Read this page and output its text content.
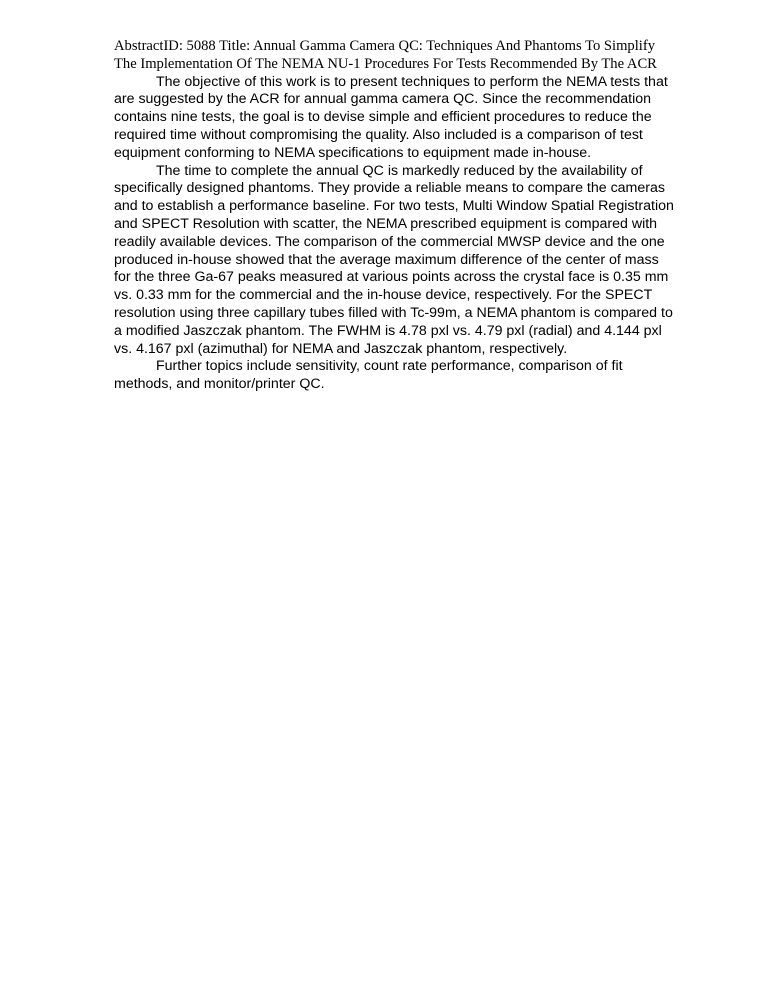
AbstractID: 5088 Title: Annual Gamma Camera QC: Techniques And Phantoms To Simplify The Implementation Of The NEMA NU-1 Procedures For Tests Recommended By The ACR

The objective of this work is to present techniques to perform the NEMA tests that are suggested by the ACR for annual gamma camera QC. Since the recommendation contains nine tests, the goal is to devise simple and efficient procedures to reduce the required time without compromising the quality. Also included is a comparison of test equipment conforming to NEMA specifications to equipment made in-house.

The time to complete the annual QC is markedly reduced by the availability of specifically designed phantoms. They provide a reliable means to compare the cameras and to establish a performance baseline. For two tests, Multi Window Spatial Registration and SPECT Resolution with scatter, the NEMA prescribed equipment is compared with readily available devices. The comparison of the commercial MWSP device and the one produced in-house showed that the average maximum difference of the center of mass for the three Ga-67 peaks measured at various points across the crystal face is 0.35 mm vs. 0.33 mm for the commercial and the in-house device, respectively. For the SPECT resolution using three capillary tubes filled with Tc-99m, a NEMA phantom is compared to a modified Jaszczak phantom. The FWHM is 4.78 pxl vs. 4.79 pxl (radial) and 4.144 pxl vs. 4.167 pxl (azimuthal) for NEMA and Jaszczak phantom, respectively.

Further topics include sensitivity, count rate performance, comparison of fit methods, and monitor/printer QC.
